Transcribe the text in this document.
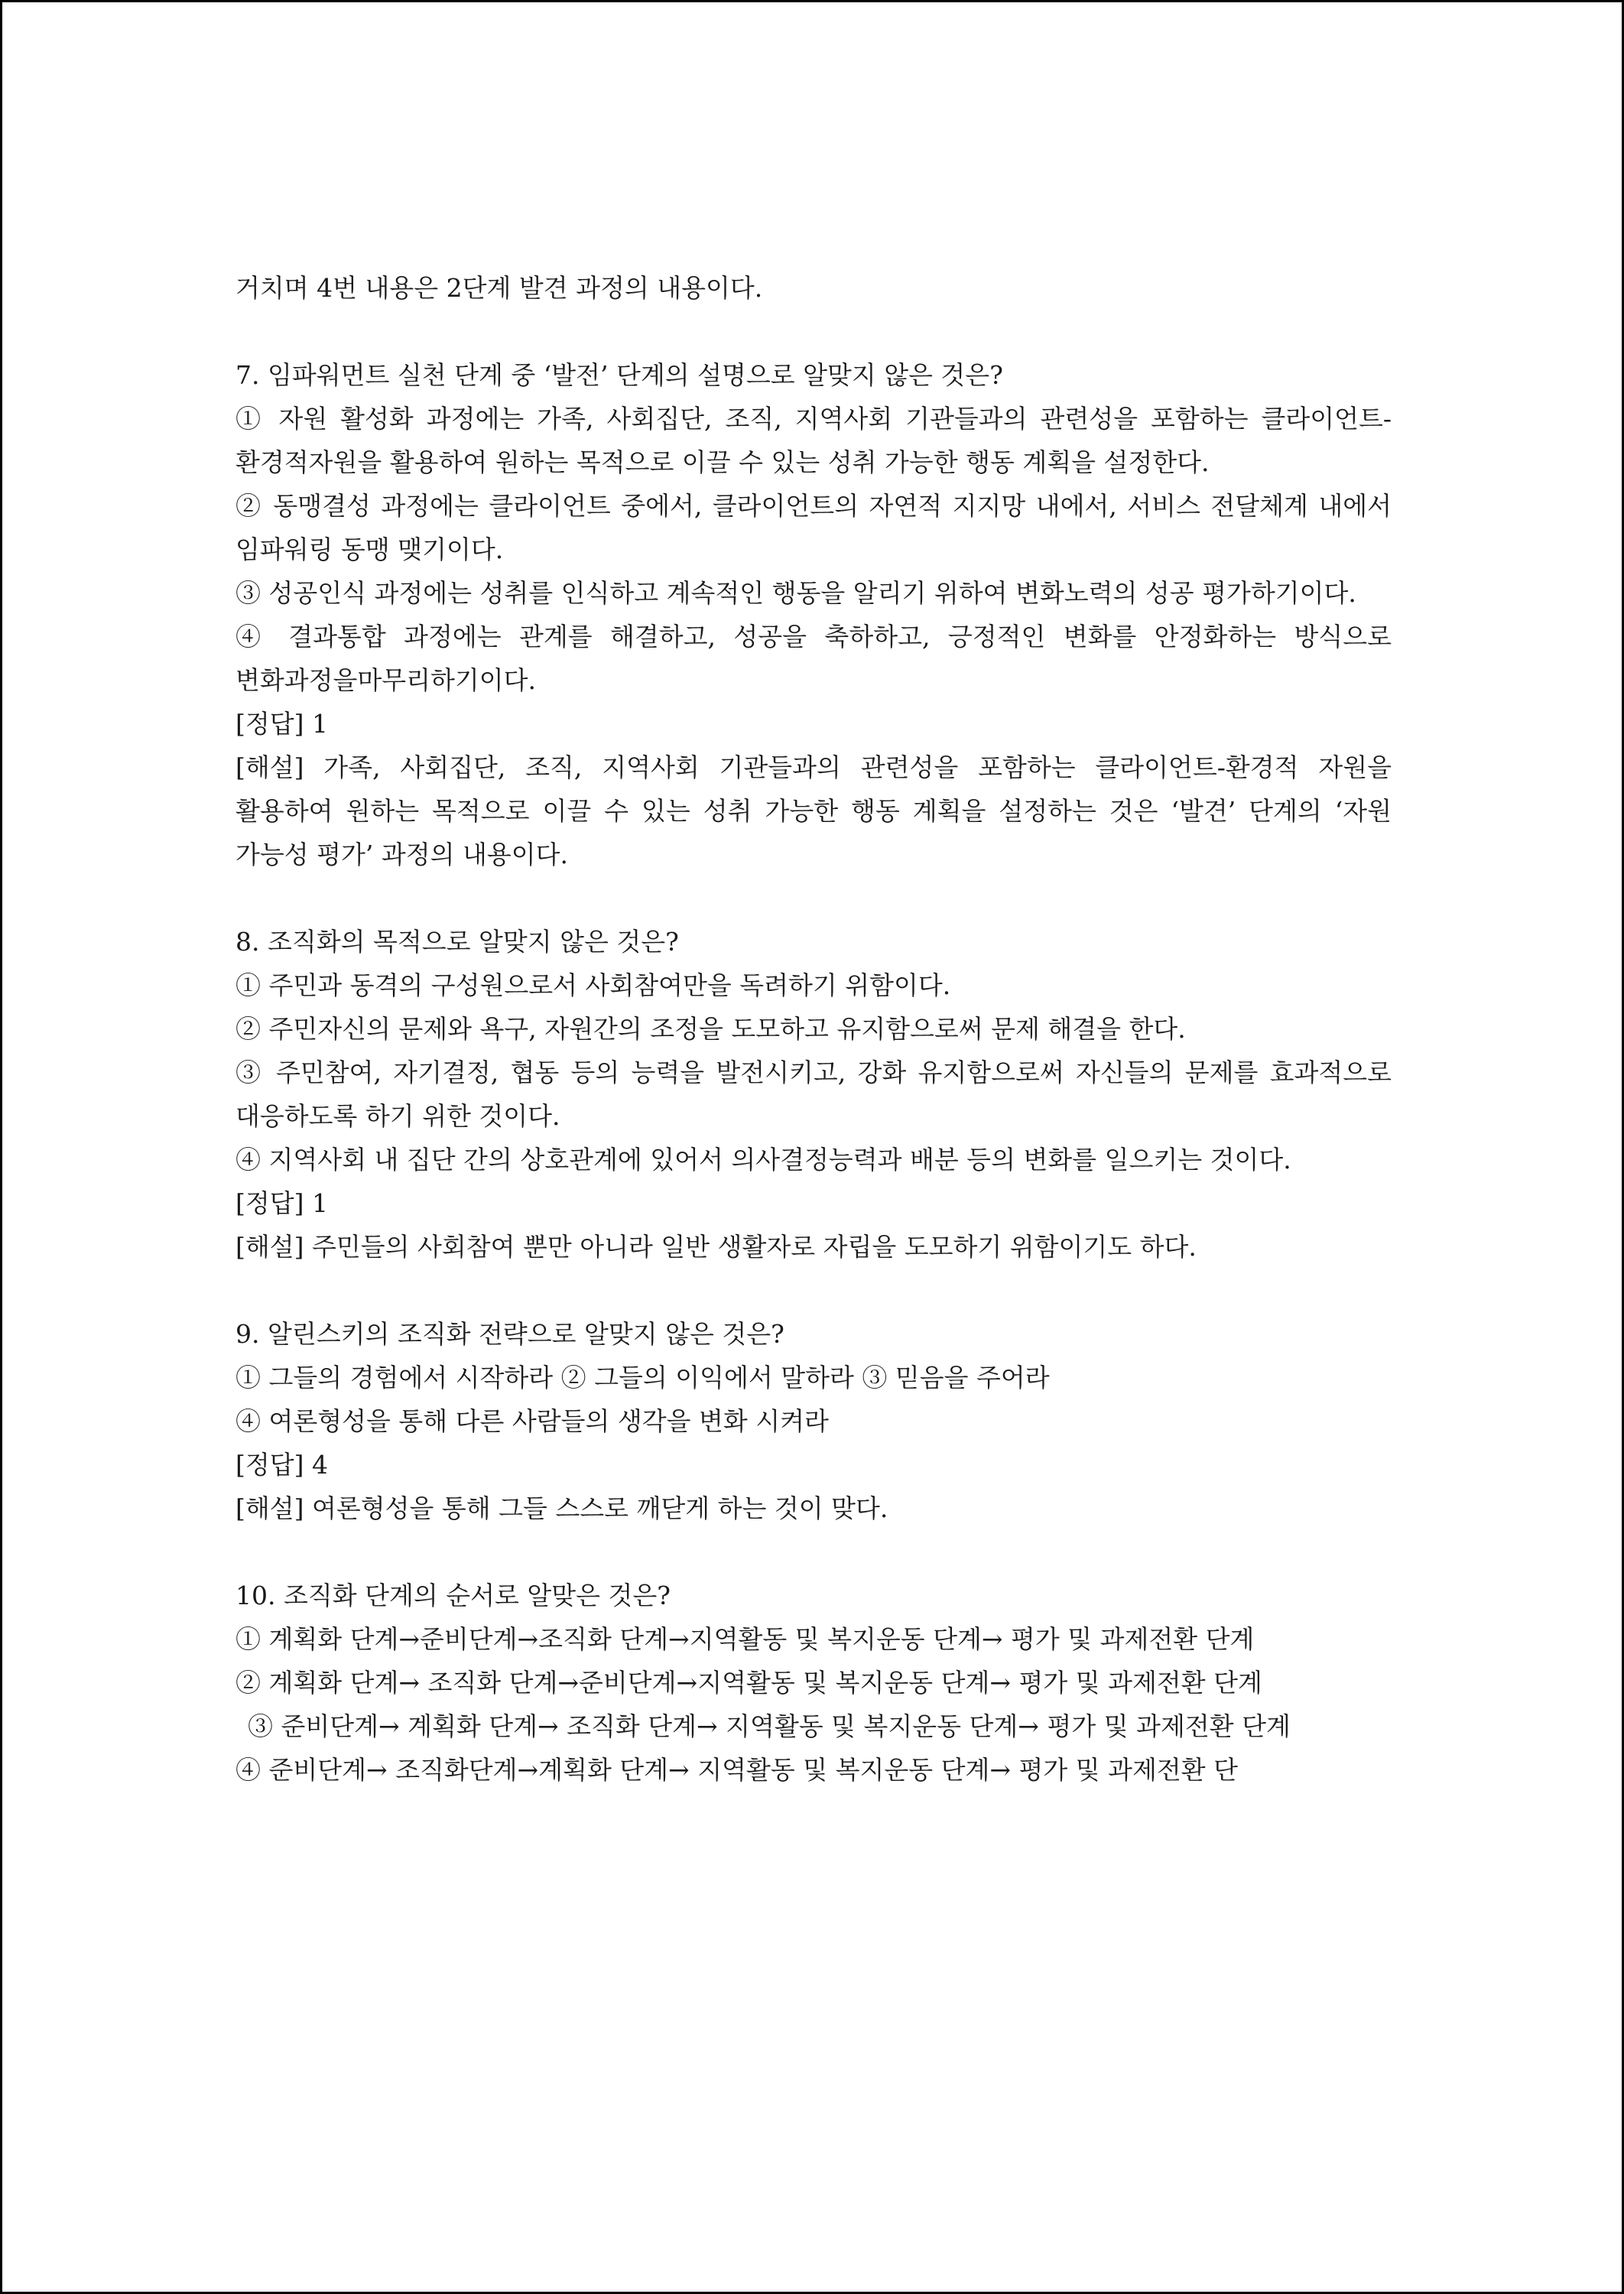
거치며 4번 내용은 2단계 발견 과정의 내용이다.

7. 임파워먼트 실천 단계 중 ‘발전’ 단계의 설명으로 알맞지 않은 것은?

① 자원 활성화 과정에는 가족, 사회집단, 조직, 지역사회 기관들과의 관련성을 포함하는 클라이언트-환경적자원을 활용하여 원하는 목적으로 이끌 수 있는 성취 가능한 행동 계획을 설정한다.

② 동맹결성 과정에는 클라이언트 중에서, 클라이언트의 자연적 지지망 내에서, 서비스 전달체계 내에서 임파워링 동맹 맺기이다.

③ 성공인식 과정에는 성취를 인식하고 계속적인 행동을 알리기 위하여 변화노력의 성공 평가하기이다.

④ 결과통합 과정에는 관계를 해결하고, 성공을 축하하고, 긍정적인 변화를 안정화하는 방식으로 변화과정을마무리하기이다.

[정답] 1

[해설] 가족, 사회집단, 조직, 지역사회 기관들과의 관련성을 포함하는 클라이언트-환경적 자원을 활용하여 원하는 목적으로 이끌 수 있는 성취 가능한 행동 계획을 설정하는 것은 ‘발견’ 단계의 ‘자원 가능성 평가’ 과정의 내용이다.

8. 조직화의 목적으로 알맞지 않은 것은?

① 주민과 동격의 구성원으로서 사회참여만을 독려하기 위함이다.

② 주민자신의 문제와 욕구, 자원간의 조정을 도모하고 유지함으로써 문제 해결을 한다.

③ 주민참여, 자기결정, 협동 등의 능력을 발전시키고, 강화 유지함으로써 자신들의 문제를 효과적으로 대응하도록 하기 위한 것이다.

④ 지역사회 내 집단 간의 상호관계에 있어서 의사결정능력과 배분 등의 변화를 일으키는 것이다.

[정답] 1

[해설] 주민들의 사회참여 뿐만 아니라 일반 생활자로 자립을 도모하기 위함이기도 하다.

9. 알린스키의 조직화 전략으로 알맞지 않은 것은?

① 그들의 경험에서 시작하라 ② 그들의 이익에서 말하라 ③ 믿음을 주어라

④ 여론형성을 통해 다른 사람들의 생각을 변화 시켜라

[정답] 4

[해설] 여론형성을 통해 그들 스스로 깨닫게 하는 것이 맞다.

10. 조직화 단계의 순서로 알맞은 것은?

① 계획화 단계→준비단계→조직화 단계→지역활동 및 복지운동 단계→ 평가 및 과제전환 단계

② 계획화 단계→ 조직화 단계→준비단계→지역활동 및 복지운동 단계→ 평가 및 과제전환 단계

③ 준비단계→ 계획화 단계→ 조직화 단계→ 지역활동 및 복지운동 단계→ 평가 및 과제전환 단계

④ 준비단계→ 조직화단계→계획화 단계→ 지역활동 및 복지운동 단계→ 평가 및 과제전환 단
